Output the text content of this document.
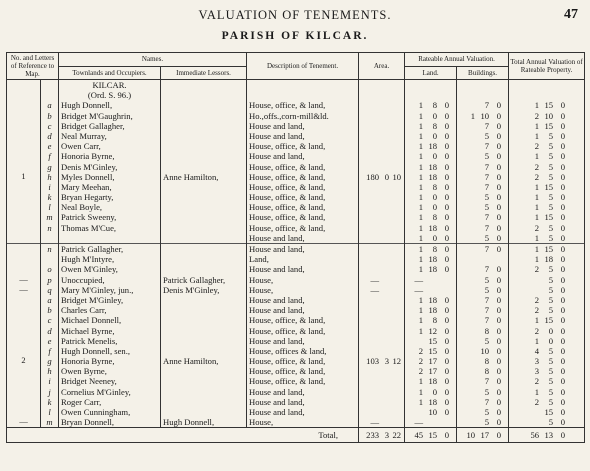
VALUATION OF TENEMENTS.	47
PARISH OF KILCAR.
No. and Letters of Reference to Map.		Names.		Description of Tenement.	Area.	Rateable Annual Valuation.		Total Annual Valuation of Rateable Property.
		Townlands and Occupiers.	Immediate Lessors.			Land.	Buildings.	
		KILCAR.						
		(Ord. S. 96.)						
	a	Hugh Donnell,		House, office, & land,		1 8 0	7 0	1 15 0
	b	Bridget M'Gaughrin,		Ho.,offs.,corn-mill&ld.		1 0 0	1 10 0	2 10 0
	c	Bridget Gallagher,		House and land,		1 8 0	7 0	1 15 0
	d	Neal Murray,		House and land,		1 0 0	5 0	1 5 0
	e	Owen Carr,		House, office, & land,		1 18 0	7 0	2 5 0
	f	Honoria Byrne,		House and land,		1 0 0	5 0	1 5 0
	g	Denis M'Ginley,		House, office, & land,		1 18 0	7 0	2 5 0
1	h	Myles Donnell,	Anne Hamilton,	House, office, & land,	180 0 10	1 18 0	7 0	2 5 0
	i	Mary Meehan,		House, office, & land,		1 8 0	7 0	1 15 0
	k	Bryan Hegarty,		House, office, & land,		1 0 0	5 0	1 5 0
	l	Neal Boyle,		House, office, & land,		1 0 0	5 0	1 5 0
	m	Patrick Sweeny,		House, office, & land,		1 8 0	7 0	1 15 0
	n	Thomas M'Cue,		House, office, & land,		1 18 0	7 0	2 5 0
				House and land,		1 0 0	5 0	1 5 0
	n	Patrick Gallagher,		House and land,		1 8 0	7 0	1 15 0
		Hugh M'Intyre,		Land,		1 18 0		1 18 0
	o	Owen M'Ginley,		House and land,		1 18 0	7 0	2 5 0
—	p	Unoccupied,	Patrick Gallagher,	House,	—	—	5 0	5 0
—	q	Mary M'Ginley, jun.,	Denis M'Ginley,	House,	—	—	5 0	5 0
	a	Bridget M'Ginley,		House and land,		1 18 0	7 0	2 5 0
	b	Charles Carr,		House and land,		1 18 0	7 0	2 5 0
	c	Michael Donnell,		House, office, & land,		1 8 0	7 0	1 15 0
	d	Michael Byrne,		House, office, & land,		1 12 0	8 0	2 0 0
	e	Patrick Menelis,		House and land,		15 0	5 0	1 0 0
	f	Hugh Donnell, sen.,		House, offices & land,		2 15 0	10 0	4 5 0
2	g	Honoria Byrne,	Anne Hamilton,	House, office, & land,	103 3 12	2 17 0	8 0	3 5 0
	h	Owen Byrne,		House, office, & land,		2 17 0	8 0	3 5 0
	i	Bridget Neeney,		House, office, & land,		1 18 0	7 0	2 5 0
	j	Cornelius M'Ginley,		House and land,		1 0 0	5 0	1 5 0
	k	Roger Carr,		House and land,		1 18 0	7 0	2 5 0
	l	Owen Cunningham,		House and land,		10 0	5 0	15 0
—	m	Bryan Donnell,	Hugh Donnell,	House,	—	—	5 0	5 0
Total,					233 3 22	45 15 0	10 17 0	56 13 0
